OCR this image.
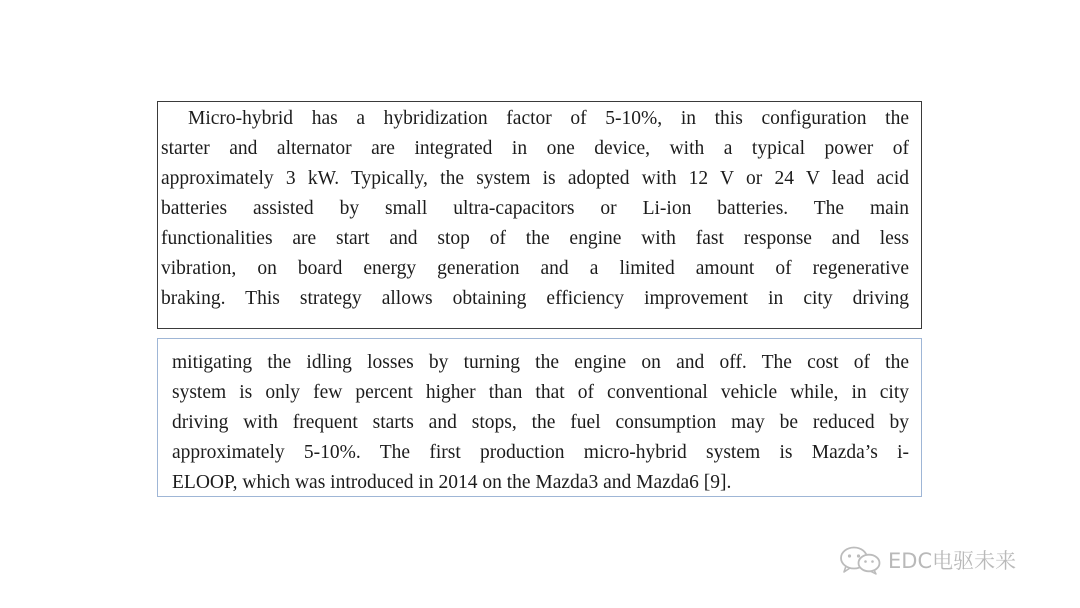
Micro-hybrid has a hybridization factor of 5-10%, in this configuration the
starter and alternator are integrated in one device, with a typical power of
approximately 3 kW. Typically, the system is adopted with 12 V or 24 V lead acid
batteries assisted by small ultra-capacitors or Li-ion batteries. The main
functionalities are start and stop of the engine with fast response and less
vibration, on board energy generation and a limited amount of regenerative
braking. This strategy allows obtaining efficiency improvement in city driving

mitigating the idling losses by turning the engine on and off. The cost of the
system is only few percent higher than that of conventional vehicle while, in city
driving with frequent starts and stops, the fuel consumption may be reduced by
approximately 5-10%. The first production micro-hybrid system is Mazda’s i-
ELOOP, which was introduced in 2014 on the Mazda3 and Mazda6 [9].

EDC电驱未来
